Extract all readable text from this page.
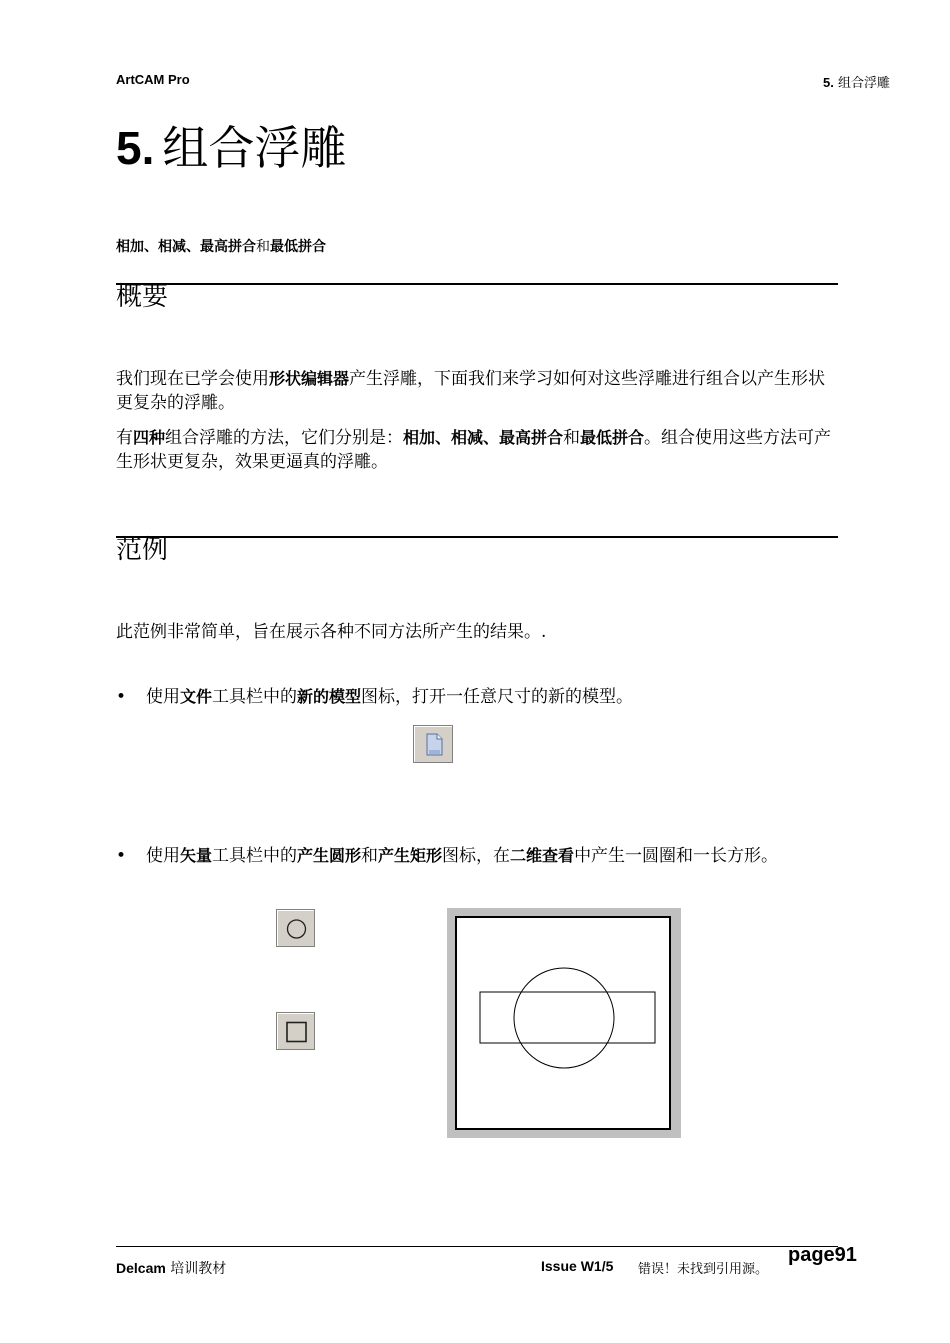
ArtCAM Pro	5. 组合浮雕
5. 组合浮雕
相加、相减、最高拼合和最低拼合
概要
我们现在已学会使用形状编辑器产生浮雕，下面我们来学习如何对这些浮雕进行组合以产生形状更复杂的浮雕。
有四种组合浮雕的方法，它们分别是：相加、相减、最高拼合和最低拼合。组合使用这些方法可产生形状更复杂，效果更逼真的浮雕。
范例
此范例非常简单，旨在展示各种不同方法所产生的结果。.
• 使用文件工具栏中的新的模型图标，打开一任意尺寸的新的模型。
• 使用矢量工具栏中的产生圆形和产生矩形图标，在二维查看中产生一圆圈和一长方形。
Delcam 培训教材	Issue W1/5 错误！未找到引用源。
page91
